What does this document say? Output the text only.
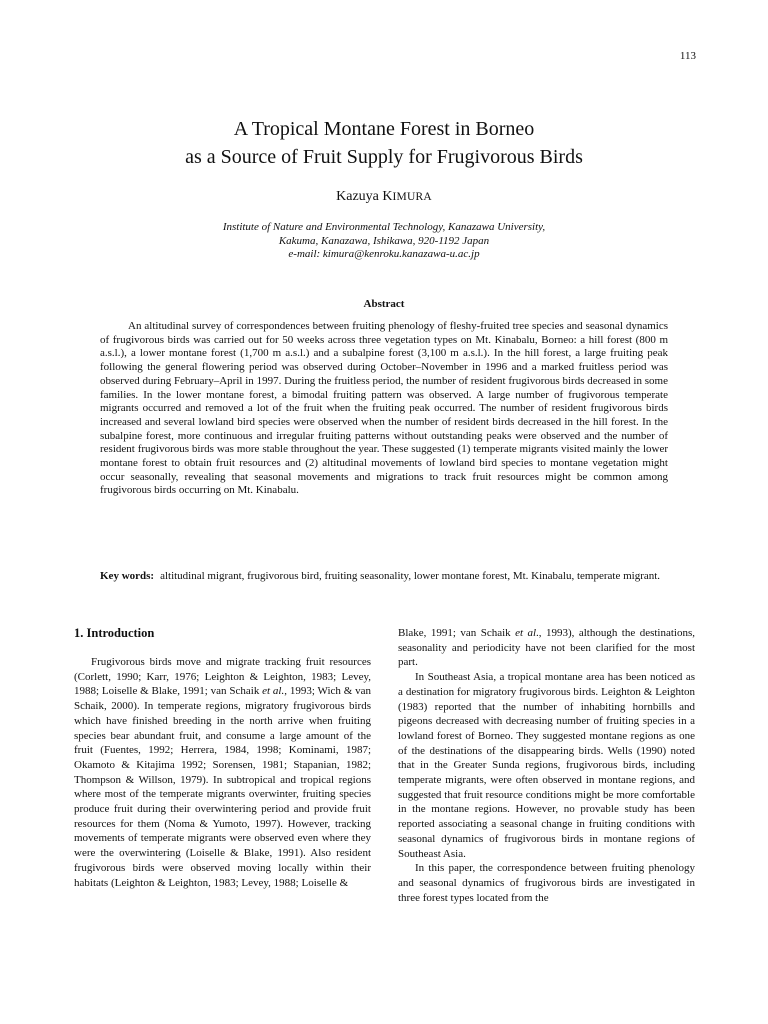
113
A Tropical Montane Forest in Borneo
as a Source of Fruit Supply for Frugivorous Birds
Kazuya KIMURA
Institute of Nature and Environmental Technology, Kanazawa University,
Kakuma, Kanazawa, Ishikawa, 920-1192 Japan
e-mail: kimura@kenroku.kanazawa-u.ac.jp
Abstract

An altitudinal survey of correspondences between fruiting phenology of fleshy-fruited tree species and seasonal dynamics of frugivorous birds was carried out for 50 weeks across three vegetation types on Mt. Kinabalu, Borneo: a hill forest (800 m a.s.l.), a lower montane forest (1,700 m a.s.l.) and a subalpine forest (3,100 m a.s.l.). In the hill forest, a large fruiting peak following the general flowering period was observed during October–November in 1996 and a marked fruitless period was observed during February–April in 1997. During the fruitless period, the number of resident frugivorous birds decreased in some families. In the lower montane forest, a bimodal fruiting pattern was observed. A large number of frugivorous temperate migrants occurred and removed a lot of the fruit when the fruiting peak occurred. The number of resident frugivorous birds increased and several lowland bird species were observed when the number of resident birds decreased in the hill forest. In the subalpine forest, more continuous and irregular fruiting patterns without outstanding peaks were observed and the number of resident frugivorous birds was more stable throughout the year. These suggested (1) temperate migrants visited mainly the lower montane forest to obtain fruit resources and (2) altitudinal movements of lowland bird species to montane vegetation might occur seasonally, revealing that seasonal movements and migrations to track fruit resources might be common among frugivorous birds occurring on Mt. Kinabalu.

Key words: altitudinal migrant, frugivorous bird, fruiting seasonality, lower montane forest, Mt. Kinabalu, temperate migrant.
1. Introduction

Frugivorous birds move and migrate tracking fruit resources (Corlett, 1990; Karr, 1976; Leighton & Leighton, 1983; Levey, 1988; Loiselle & Blake, 1991; van Schaik et al., 1993; Wich & van Schaik, 2000). In temperate regions, migratory frugivorous birds which have finished breeding in the north arrive when fruiting species bear abundant fruit, and consume a large amount of the fruit (Fuentes, 1992; Herrera, 1984, 1998; Kominami, 1987; Okamoto & Kitajima 1992; Sorensen, 1981; Stapanian, 1982; Thompson & Willson, 1979). In subtropical and tropical regions where most of the temperate migrants overwinter, fruiting species produce fruit during their overwintering period and provide fruit resources for them (Noma & Yumoto, 1997). However, tracking movements of temperate migrants were observed even where they were the overwintering (Loiselle & Blake, 1991). Also resident frugivorous birds were observed moving locally within their habitats (Leighton & Leighton, 1983; Levey, 1988; Loiselle &

Blake, 1991; van Schaik et al., 1993), although the destinations, seasonality and periodicity have not been clarified for the most part.

In Southeast Asia, a tropical montane area has been noticed as a destination for migratory frugivorous birds. Leighton & Leighton (1983) reported that the number of inhabiting hornbills and pigeons decreased with decreasing number of fruiting species in a lowland forest of Borneo. They suggested montane regions as one of the destinations of the disappearing birds. Wells (1990) noted that in the Greater Sunda regions, frugivorous birds, including temperate migrants, were often observed in montane regions, and suggested that fruit resource conditions might be more comfortable in the montane regions. However, no provable study has been reported associating a seasonal change in fruiting conditions with seasonal dynamics of frugivorous birds in montane regions of Southeast Asia.

In this paper, the correspondence between fruiting phenology and seasonal dynamics of frugivorous birds are investigated in three forest types located from the
